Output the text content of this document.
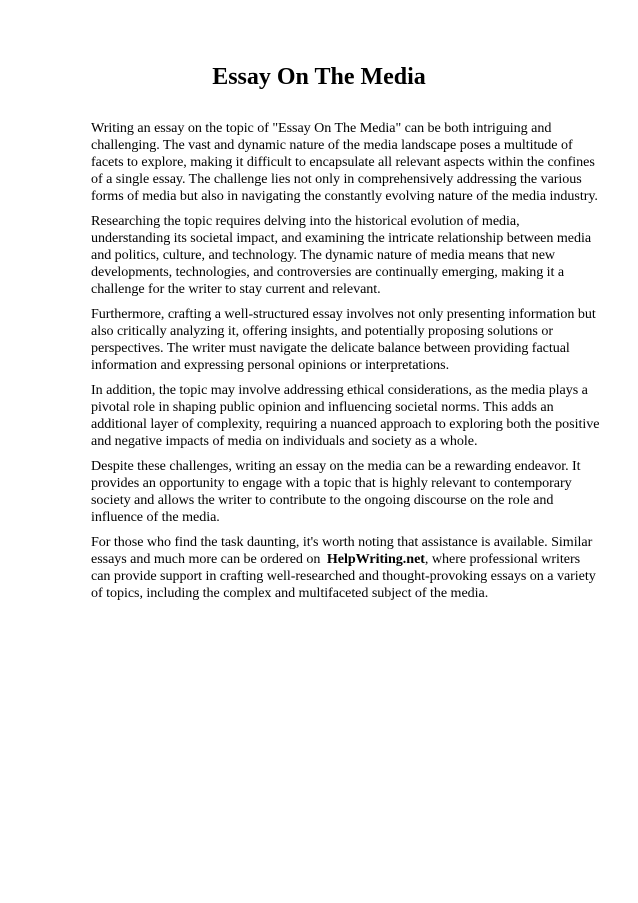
Essay On The Media

Writing an essay on the topic of "Essay On The Media" can be both intriguing and challenging. The vast and dynamic nature of the media landscape poses a multitude of facets to explore, making it difficult to encapsulate all relevant aspects within the confines of a single essay. The challenge lies not only in comprehensively addressing the various forms of media but also in navigating the constantly evolving nature of the media industry.

Researching the topic requires delving into the historical evolution of media, understanding its societal impact, and examining the intricate relationship between media and politics, culture, and technology. The dynamic nature of media means that new developments, technologies, and controversies are continually emerging, making it a challenge for the writer to stay current and relevant.

Furthermore, crafting a well-structured essay involves not only presenting information but also critically analyzing it, offering insights, and potentially proposing solutions or perspectives. The writer must navigate the delicate balance between providing factual information and expressing personal opinions or interpretations.

In addition, the topic may involve addressing ethical considerations, as the media plays a pivotal role in shaping public opinion and influencing societal norms. This adds an additional layer of complexity, requiring a nuanced approach to exploring both the positive and negative impacts of media on individuals and society as a whole.

Despite these challenges, writing an essay on the media can be a rewarding endeavor. It provides an opportunity to engage with a topic that is highly relevant to contemporary society and allows the writer to contribute to the ongoing discourse on the role and influence of the media.

For those who find the task daunting, it's worth noting that assistance is available. Similar essays and much more can be ordered on HelpWriting.net, where professional writers can provide support in crafting well-researched and thought-provoking essays on a variety of topics, including the complex and multifaceted subject of the media.
